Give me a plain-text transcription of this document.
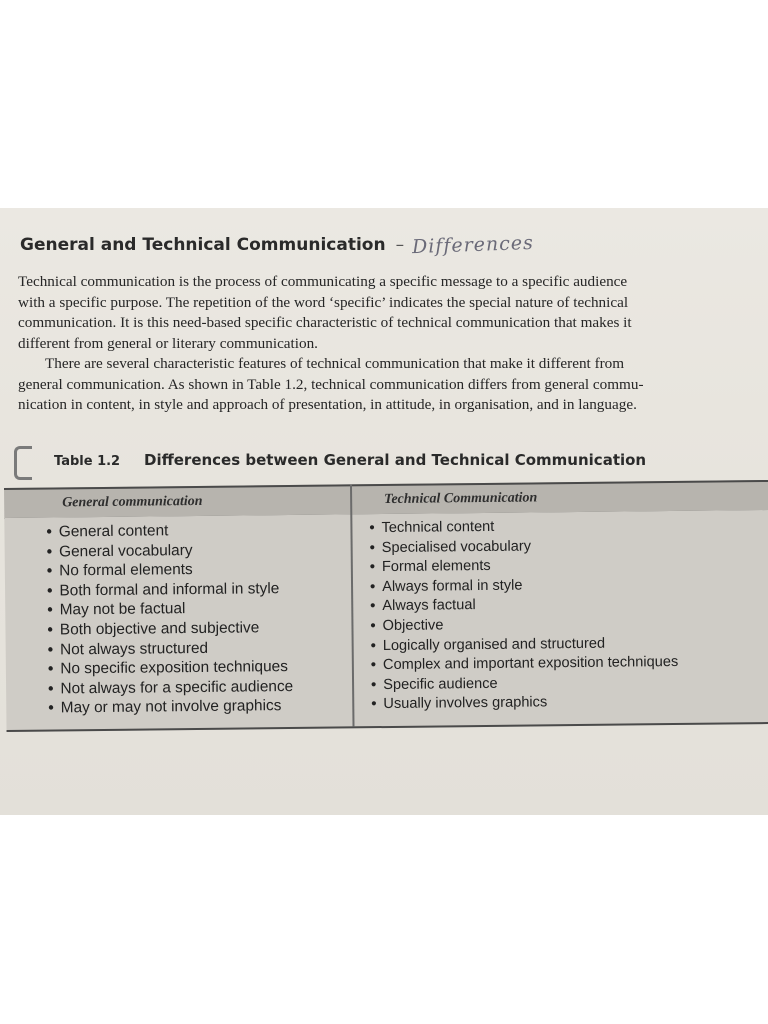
General and Technical Communication – Differences
Technical communication is the process of communicating a specific message to a specific audience
with a specific purpose. The repetition of the word ‘specific’ indicates the special nature of technical
communication. It is this need-based specific characteristic of technical communication that makes it
different from general or literary communication.
There are several characteristic features of technical communication that make it different from
general communication. As shown in Table 1.2, technical communication differs from general commu-
nication in content, in style and approach of presentation, in attitude, in organisation, and in language.
Table 1.2 Differences between General and Technical Communication
General communication	Technical Communication
• General content
• General vocabulary
• No formal elements
• Both formal and informal in style
• May not be factual
• Both objective and subjective
• Not always structured
• No specific exposition techniques
• Not always for a specific audience
• May or may not involve graphics
• Technical content
• Specialised vocabulary
• Formal elements
• Always formal in style
• Always factual
• Objective
• Logically organised and structured
• Complex and important exposition techniques
• Specific audience
• Usually involves graphics
